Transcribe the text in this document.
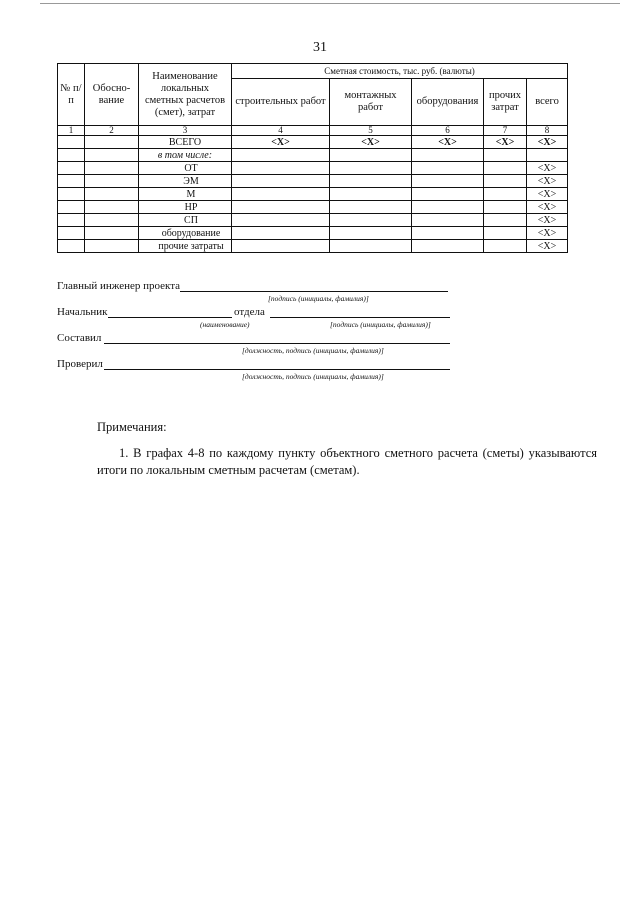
31
№ п/п	Обосно-вание	Наименование локальных сметных расчетов (смет), затрат	Сметная стоимость, тыс. руб. (валюты)				
			строительных работ	монтажных работ	оборудования	прочих затрат	всего
1	2	3	4	5	6	7	8
		ВСЕГО	<X>	<X>	<X>	<X>	<X>
		в том числе:					
		ОТ					<X>
		ЭМ					<X>
		М					<X>
		НР					<X>
		СП					<X>
		оборудование					<X>
		прочие затраты					<X>
Главный инженер проекта
[подпись (инициалы, фамилия)]
Начальник	отдела
(наименование)	[подпись (инициалы, фамилия)]
Составил
[должность, подпись (инициалы, фамилия)]
Проверил
[должность, подпись (инициалы, фамилия)]
Примечания:
1. В графах 4-8 по каждому пункту объектного сметного расчета (сметы) указываются итоги по локальным сметным расчетам (сметам).
